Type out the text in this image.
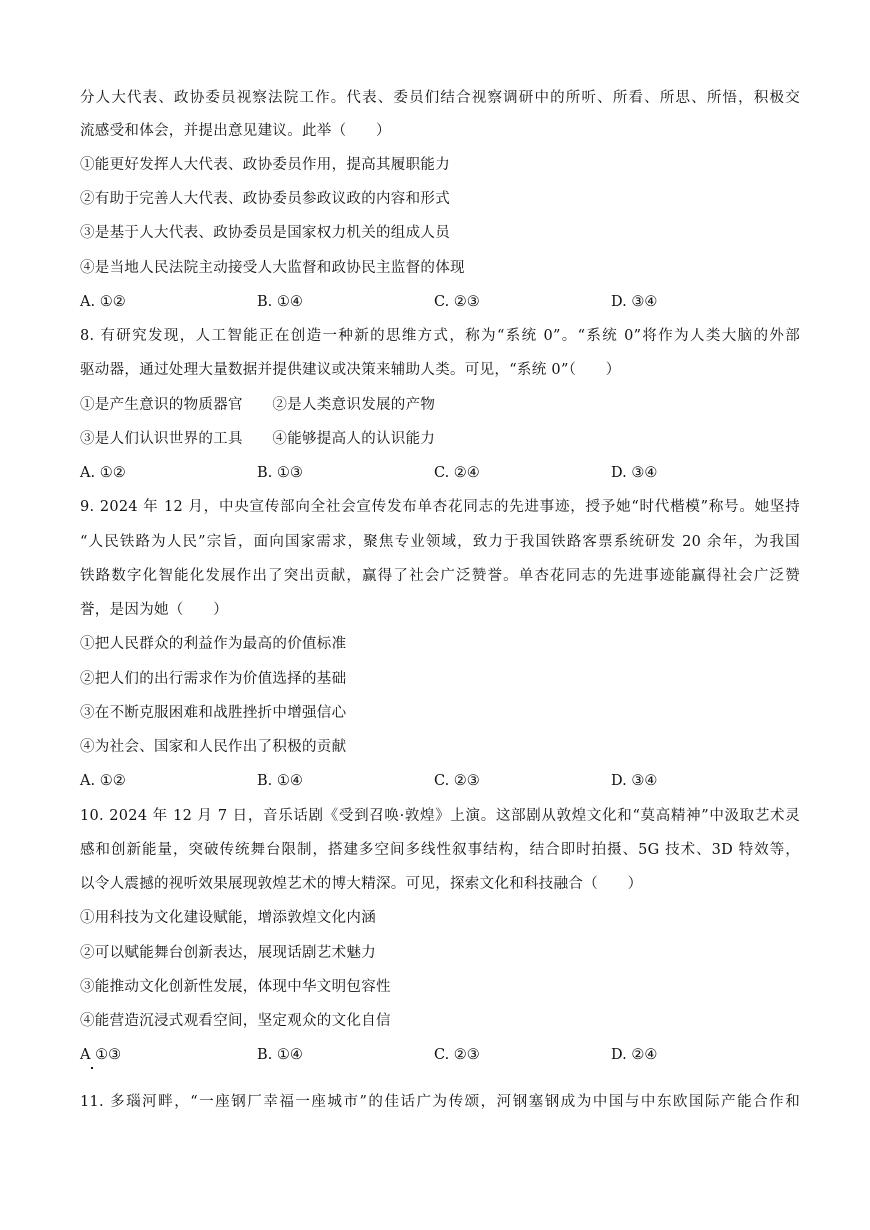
分人大代表、政协委员视察法院工作。代表、委员们结合视察调研中的所听、所看、所思、所悟，积极交
流感受和体会，并提出意见建议。此举（　　）
①能更好发挥人大代表、政协委员作用，提高其履职能力
②有助于完善人大代表、政协委员参政议政的内容和形式
③是基于人大代表、政协委员是国家权力机关的组成人员
④是当地人民法院主动接受人大监督和政协民主监督的体现
A. ①②	B. ①④	C. ②③	D. ③④
8. 有研究发现，人工智能正在创造一种新的思维方式，称为“系统 0”。“系统 0”将作为人类大脑的外部
驱动器，通过处理大量数据并提供建议或决策来辅助人类。可见，“系统 0”（　　）
①是产生意识的物质器官　　②是人类意识发展的产物
③是人们认识世界的工具　　④能够提高人的认识能力
A. ①②	B. ①③	C. ②④	D. ③④
9. 2024 年 12 月，中央宣传部向全社会宣传发布单杏花同志的先进事迹，授予她“时代楷模”称号。她坚持
“人民铁路为人民”宗旨，面向国家需求，聚焦专业领域，致力于我国铁路客票系统研发 20 余年，为我国
铁路数字化智能化发展作出了突出贡献，赢得了社会广泛赞誉。单杏花同志的先进事迹能赢得社会广泛赞
誉，是因为她（　　）
①把人民群众的利益作为最高的价值标准
②把人们的出行需求作为价值选择的基础
③在不断克服困难和战胜挫折中增强信心
④为社会、国家和人民作出了积极的贡献
A. ①②	B. ①④	C. ②③	D. ③④
10. 2024 年 12 月 7 日，音乐话剧《受到召唤·敦煌》上演。这部剧从敦煌文化和“莫高精神”中汲取艺术灵
感和创新能量，突破传统舞台限制，搭建多空间多线性叙事结构，结合即时拍摄、5G 技术、3D 特效等，
以令人震撼的视听效果展现敦煌艺术的博大精深。可见，探索文化和科技融合（　　）
①用科技为文化建设赋能，增添敦煌文化内涵
②可以赋能舞台创新表达，展现话剧艺术魅力
③能推动文化创新性发展，体现中华文明包容性
④能营造沉浸式观看空间，坚定观众的文化自信
A ①③	B. ①④	C. ②③	D. ②④
11. 多瑙河畔，“一座钢厂幸福一座城市”的佳话广为传颂，河钢塞钢成为中国与中东欧国际产能合作和
